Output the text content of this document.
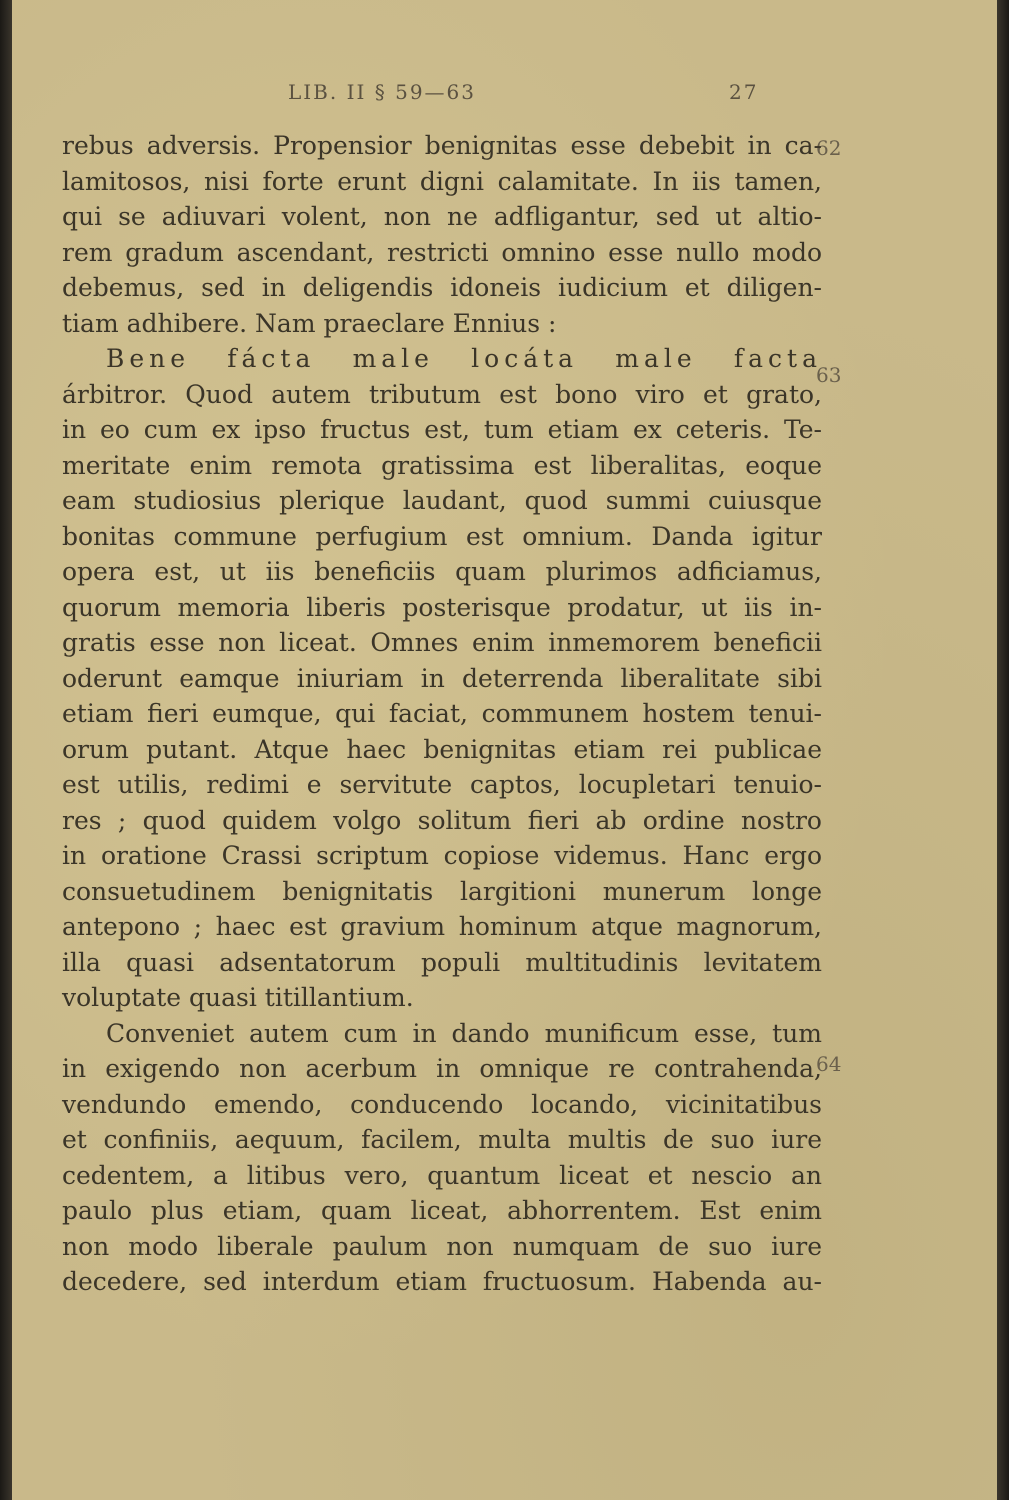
LIB. II § 59—63	27
62
63
64
rebus adversis. Propensior benignitas esse debebit in ca-
lamitosos, nisi forte erunt digni calamitate. In iis tamen,
qui se adiuvari volent, non ne adfligantur, sed ut altio-
rem gradum ascendant, restricti omnino esse nullo modo
debemus, sed in deligendis idoneis iudicium et diligen-
tiam adhibere. Nam praeclare Ennius :
Bene fácta male locáta male facta
árbitror. Quod autem tributum est bono viro et grato,
in eo cum ex ipso fructus est, tum etiam ex ceteris. Te-
meritate enim remota gratissima est liberalitas, eoque
eam studiosius plerique laudant, quod summi cuiusque
bonitas commune perfugium est omnium. Danda igitur
opera est, ut iis beneficiis quam plurimos adficiamus,
quorum memoria liberis posterisque prodatur, ut iis in-
gratis esse non liceat. Omnes enim inmemorem beneficii
oderunt eamque iniuriam in deterrenda liberalitate sibi
etiam fieri eumque, qui faciat, communem hostem tenui-
orum putant. Atque haec benignitas etiam rei publicae
est utilis, redimi e servitute captos, locupletari tenuio-
res ; quod quidem volgo solitum fieri ab ordine nostro
in oratione Crassi scriptum copiose videmus. Hanc ergo
consuetudinem benignitatis largitioni munerum longe
antepono ; haec est gravium hominum atque magnorum,
illa quasi adsentatorum populi multitudinis levitatem
voluptate quasi titillantium.
Conveniet autem cum in dando munificum esse, tum
in exigendo non acerbum in omnique re contrahenda,
vendundo emendo, conducendo locando, vicinitatibus
et confiniis, aequum, facilem, multa multis de suo iure
cedentem, a litibus vero, quantum liceat et nescio an
paulo plus etiam, quam liceat, abhorrentem. Est enim
non modo liberale paulum non numquam de suo iure
decedere, sed interdum etiam fructuosum. Habenda au-
